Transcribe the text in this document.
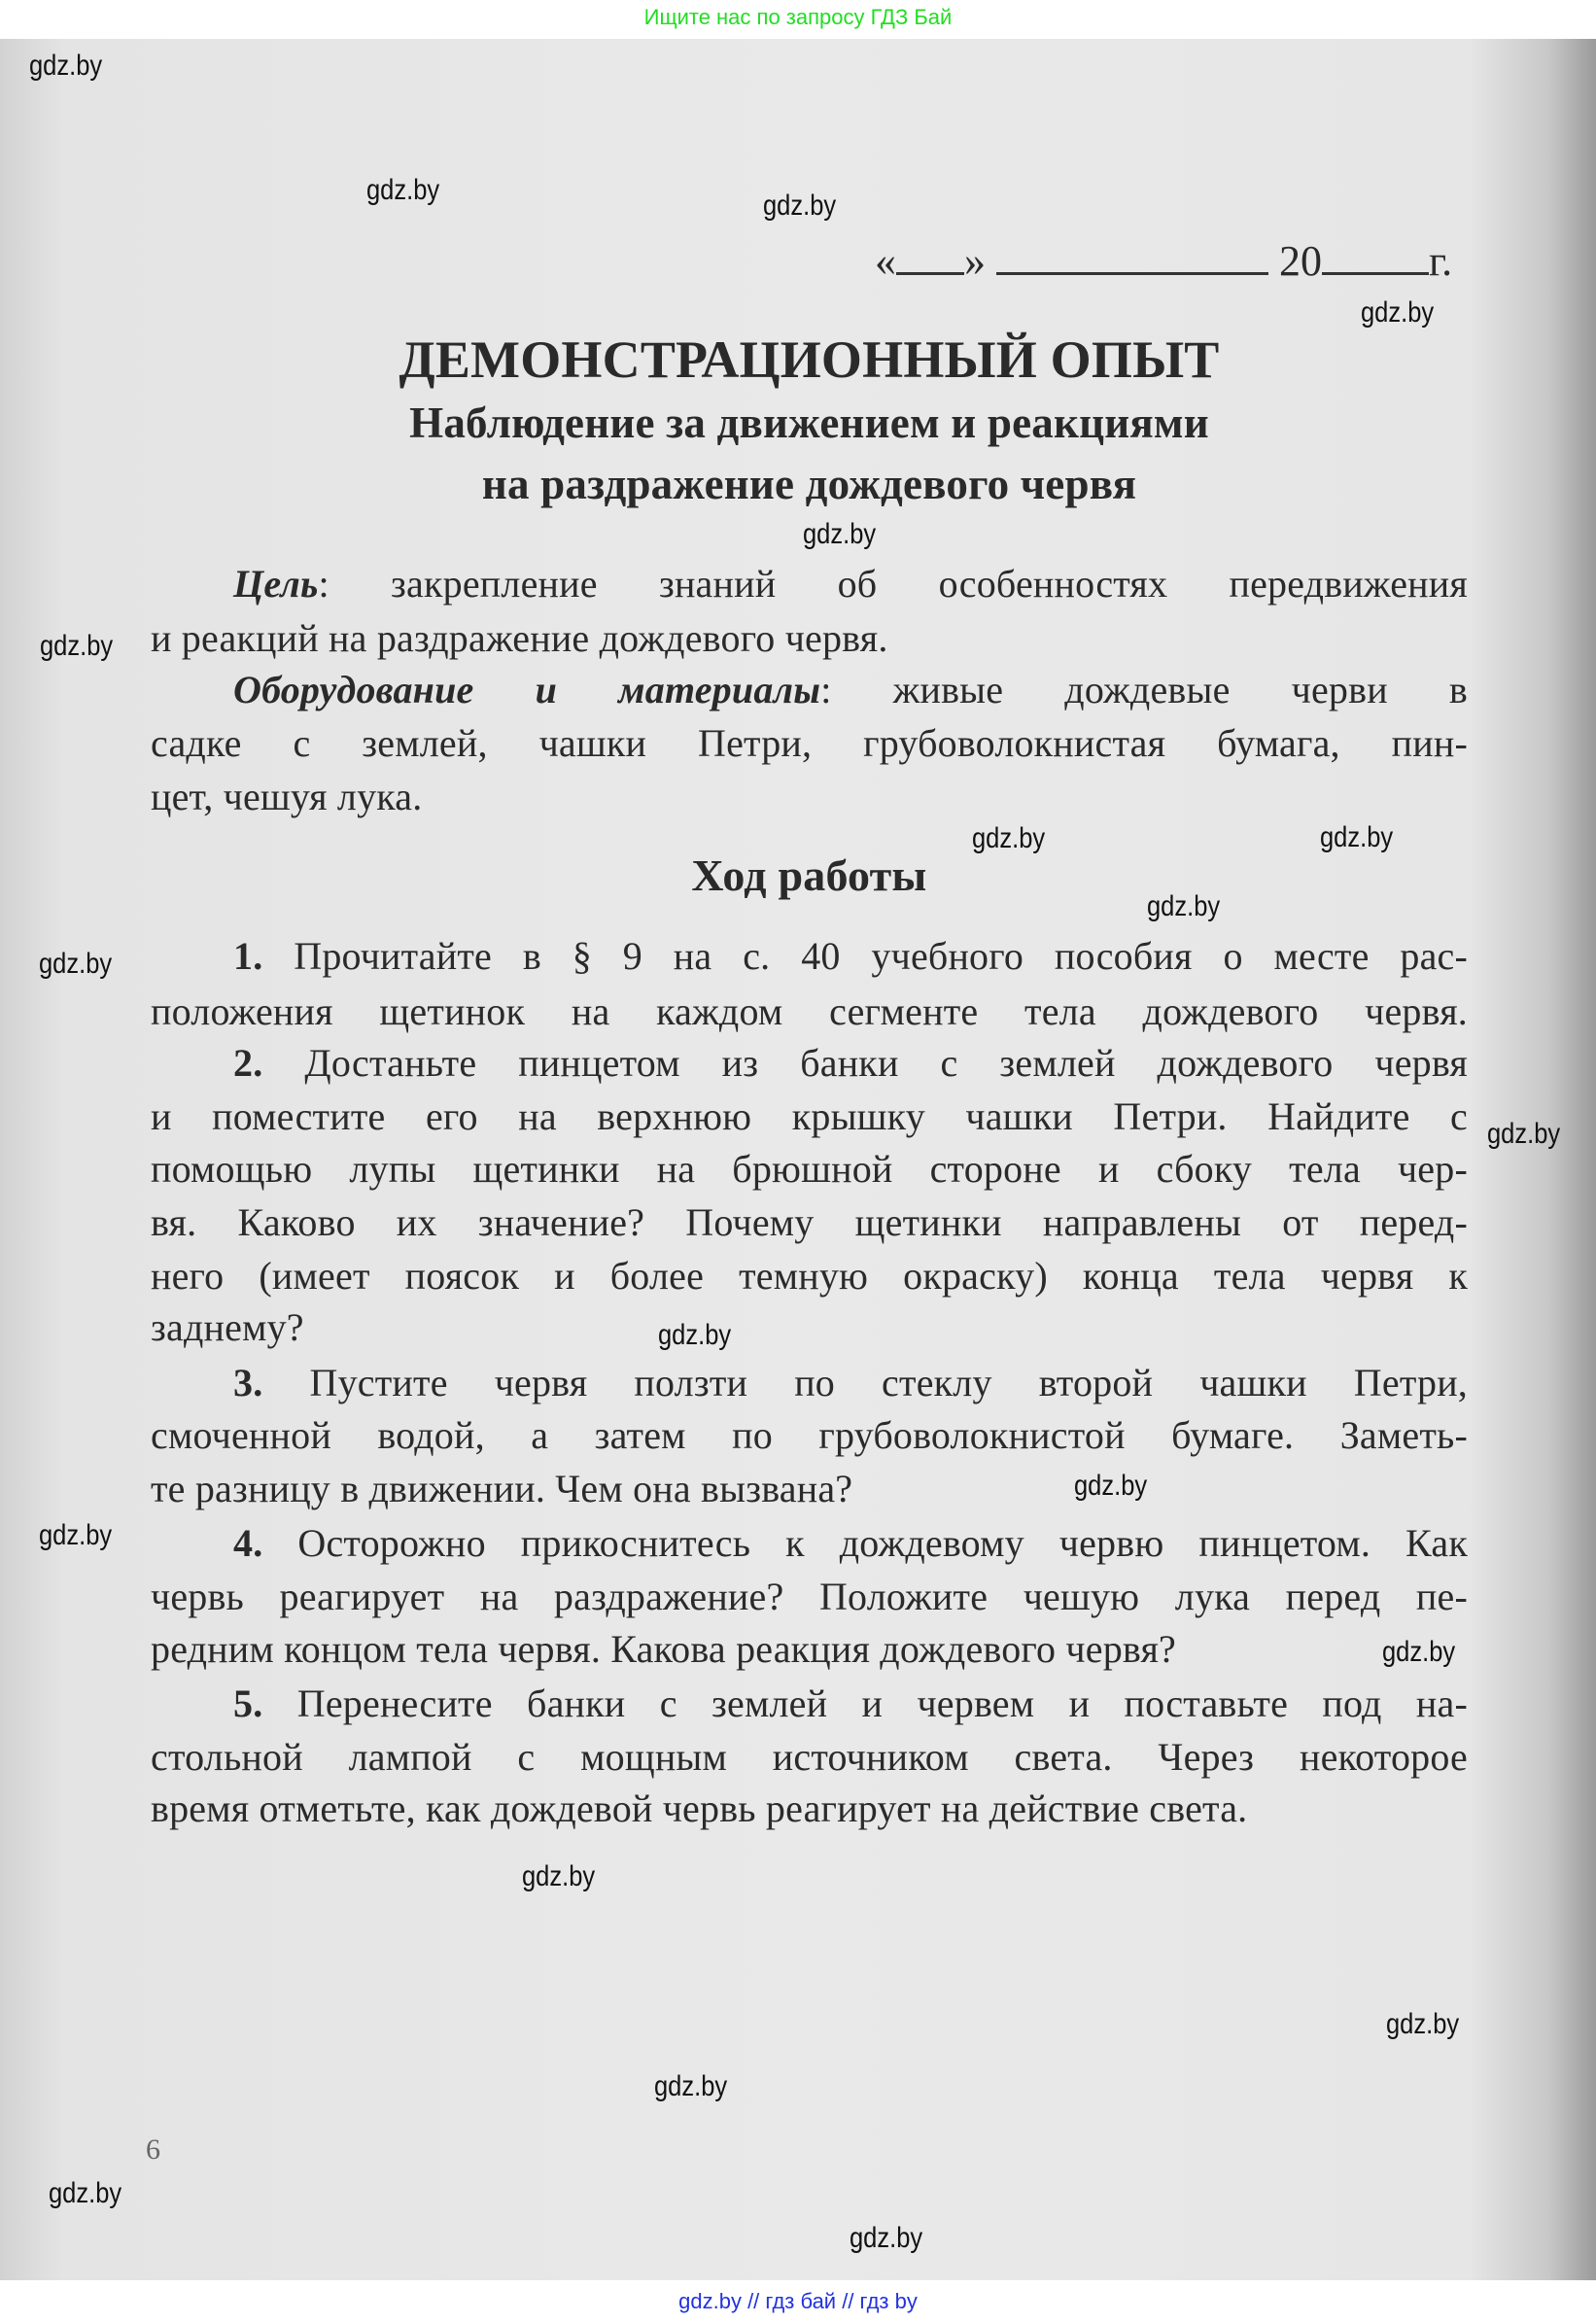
Ищите нас по запросу ГДЗ Бай
« »	20	г.
ДЕМОНСТРАЦИОННЫЙ ОПЫТ
Наблюдение за движением и реакциями
на раздражение дождевого червя
Цель: закрепление знаний об особенностях передвижения
и реакций на раздражение дождевого червя.
Оборудование и материалы: живые дождевые черви в
садке с землей, чашки Петри, грубоволокнистая бумага, пин-
цет, чешуя лука.
Ход работы
1. Прочитайте в § 9 на с. 40 учебного пособия о месте рас-
положения щетинок на каждом сегменте тела дождевого червя.
2. Достаньте пинцетом из банки с землей дождевого червя
и поместите его на верхнюю крышку чашки Петри. Найдите с
помощью лупы щетинки на брюшной стороне и сбоку тела чер-
вя. Каково их значение? Почему щетинки направлены от перед-
него (имеет поясок и более темную окраску) конца тела червя к
заднему?
3. Пустите червя ползти по стеклу второй чашки Петри,
смоченной водой, а затем по грубоволокнистой бумаге. Заметь-
те разницу в движении. Чем она вызвана?
4. Осторожно прикоснитесь к дождевому червю пинцетом. Как
червь реагирует на раздражение? Положите чешую лука перед пе-
редним концом тела червя. Какова реакция дождевого червя?
5. Перенесите банки с землей и червем и поставьте под на-
стольной лампой с мощным источником света. Через некоторое
время отметьте, как дождевой червь реагирует на действие света.
6
gdz.by
gdz.by	gdz.by
gdz.by
gdz.by
gdz.by
gdz.by	gdz.by
gdz.by
gdz.by
gdz.by
gdz.by
gdz.by
gdz.by
gdz.by
gdz.by
gdz.by
gdz.by
gdz.by
gdz.by
gdz.by // гдз бай // гдз by
